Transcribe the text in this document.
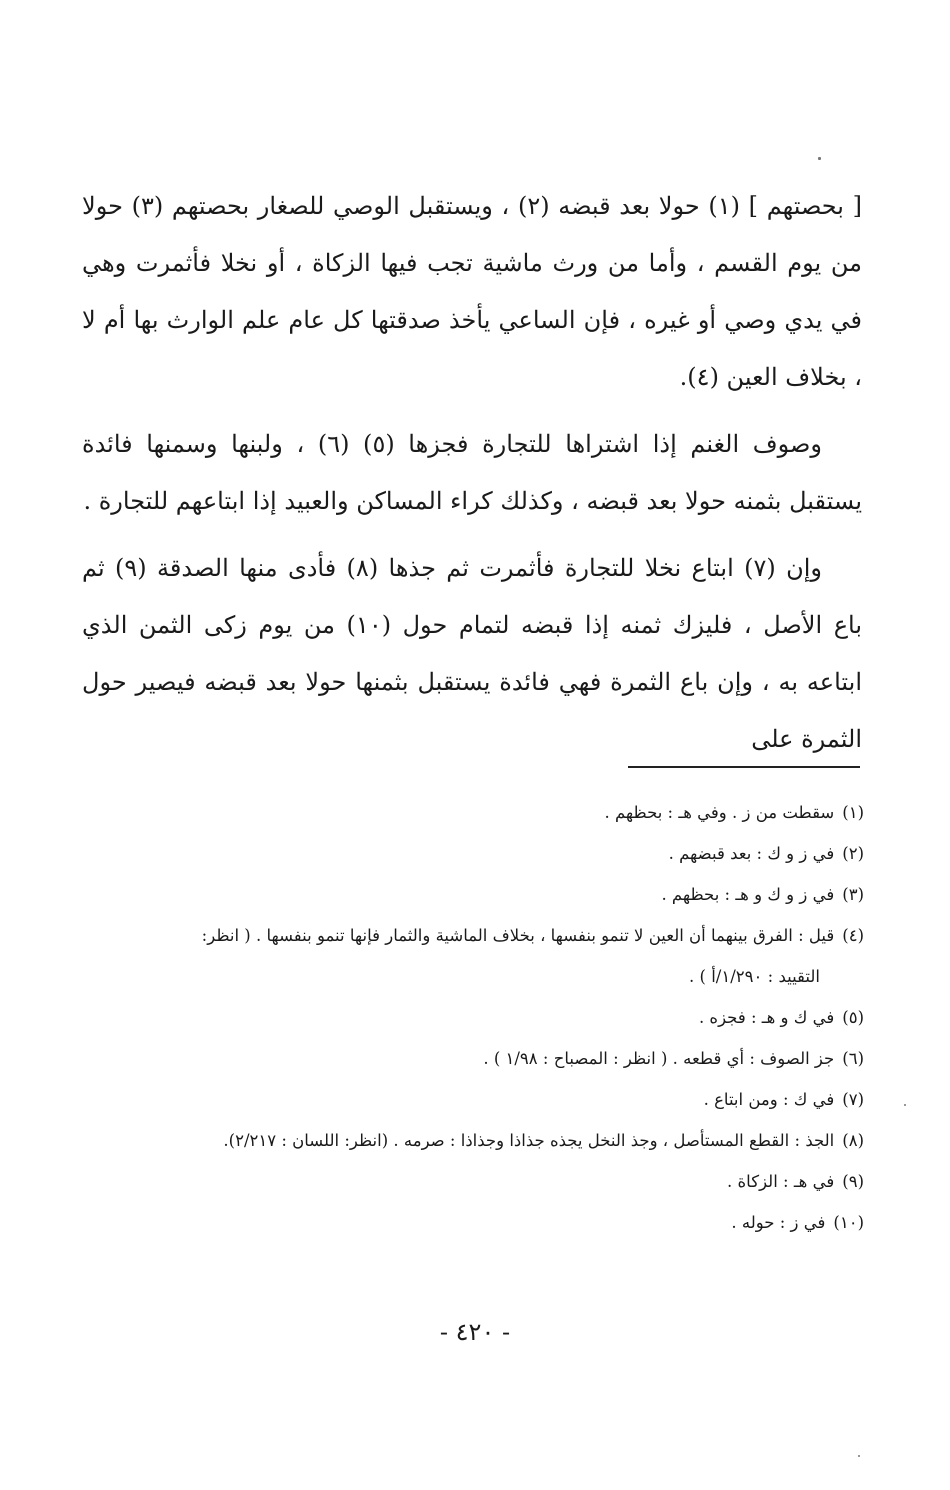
[ بحصتهم ] (١) حولا بعد قبضه (٢) ، ويستقبل الوصي للصغار بحصتهم (٣) حولا من يوم القسم ، وأما من ورث ماشية تجب فيها الزكاة ، أو نخلا فأثمرت وهي في يدي وصي أو غيره ، فإن الساعي يأخذ صدقتها كل عام علم الوارث بها أم لا ، بخلاف العين (٤).

وصوف الغنم إذا اشتراها للتجارة فجزها (٥) (٦) ، ولبنها وسمنها فائدة يستقبل بثمنه حولا بعد قبضه ، وكذلك كراء المساكن والعبيد إذا ابتاعهم للتجارة .

وإن (٧) ابتاع نخلا للتجارة فأثمرت ثم جذها (٨) فأدى منها الصدقة (٩) ثم باع الأصل ، فليزك ثمنه إذا قبضه لتمام حول (١٠) من يوم زكى الثمن الذي ابتاعه به ، وإن باع الثمرة فهي فائدة يستقبل بثمنها حولا بعد قبضه فيصير حول الثمرة على

(١)سقطت من ز . وفي هـ : بحظهم .

(٢)في ز و ك : بعد قبضهم .

(٣)في ز و ك و هـ : بحظهم .

(٤)قيل : الفرق بينهما أن العين لا تنمو بنفسها ، بخلاف الماشية والثمار فإنها تنمو بنفسها . ( انظر:

التقييد : ١/٢٩٠/أ ) .

(٥)في ك و هـ : فجزه .

(٦)جز الصوف : أي قطعه . ( انظر : المصباح : ١/٩٨ ) .

(٧)في ك : ومن ابتاع .

(٨)الجذ : القطع المستأصل ، وجذ النخل يجذه جذاذا وجذاذا : صرمه . (انظر: اللسان : ٢/٢١٧).

(٩)في هـ : الزكاة .

(١٠)في ز : حوله .

- ٤٢٠ -
